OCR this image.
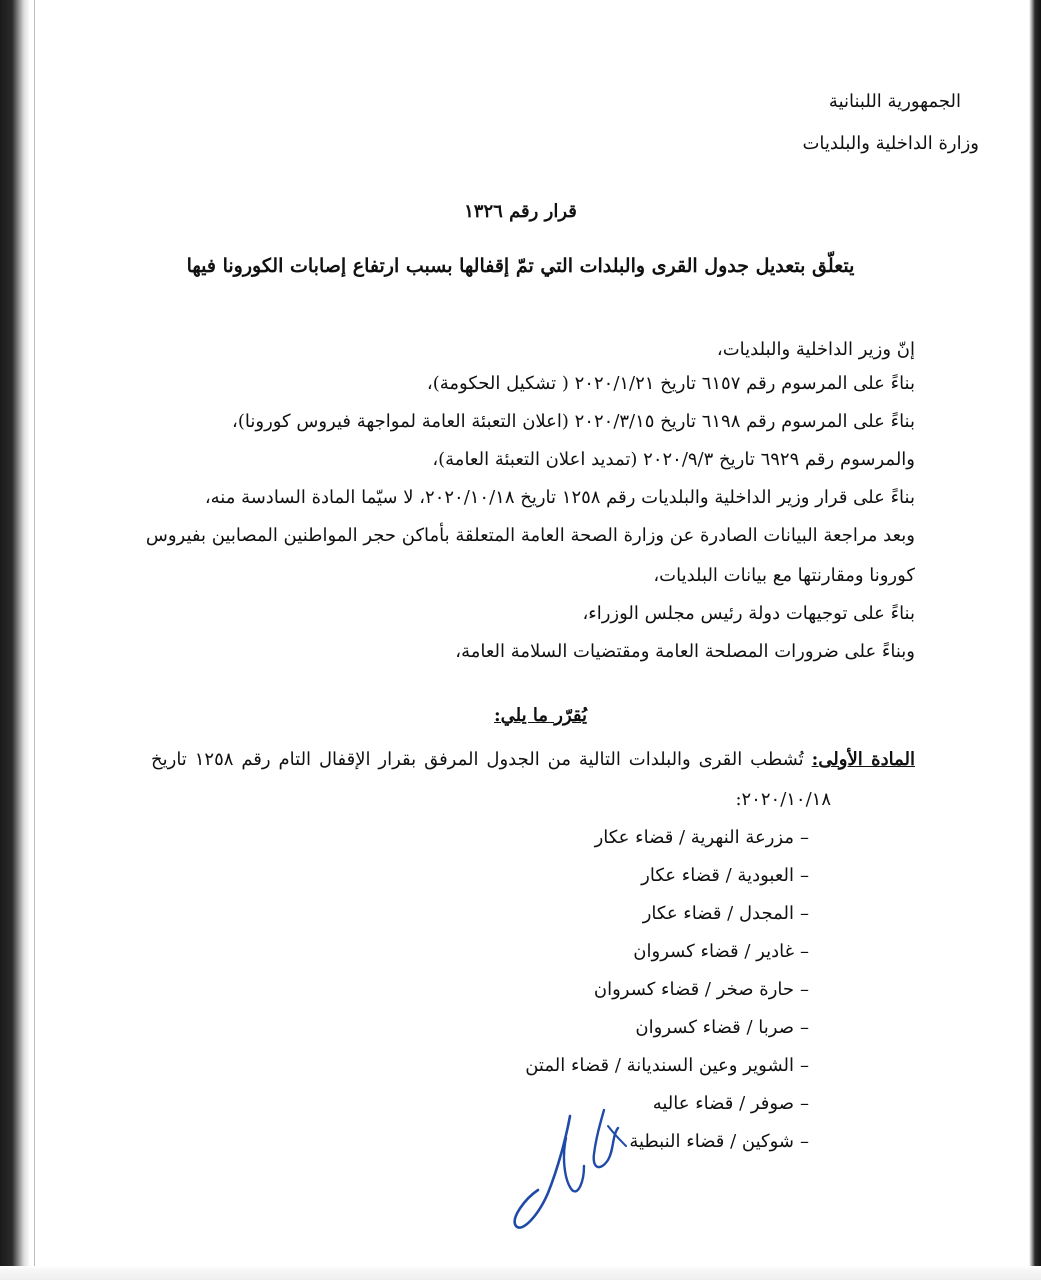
الجمهورية اللبنانية
وزارة الداخلية والبلديات
قرار رقم ١٣٢٦
يتعلّق بتعديل جدول القرى والبلدات التي تمّ إقفالها بسبب ارتفاع إصابات الكورونا فيها
إنّ وزير الداخلية والبلديات،
بناءً على المرسوم رقم ٦١٥٧ تاريخ ٢٠٢٠/١/٢١ ( تشكيل الحكومة)،
بناءً على المرسوم رقم ٦١٩٨ تاريخ ٢٠٢٠/٣/١٥ (اعلان التعبئة العامة لمواجهة فيروس كورونا)،
والمرسوم رقم ٦٩٢٩ تاريخ ٢٠٢٠/٩/٣ (تمديد اعلان التعبئة العامة)،
بناءً على قرار وزير الداخلية والبلديات رقم ١٢٥٨ تاريخ ٢٠٢٠/١٠/١٨، لا سيّما المادة السادسة منه،
وبعد مراجعة البيانات الصادرة عن وزارة الصحة العامة المتعلقة بأماكن حجر المواطنين المصابين بفيروس
كورونا ومقارنتها مع بيانات البلديات،
بناءً على توجيهات دولة رئيس مجلس الوزراء،
وبناءً على ضرورات المصلحة العامة ومقتضيات السلامة العامة،
يُقرّر ما يلي:
المادة الأولى: تُشطب القرى والبلدات التالية من الجدول المرفق بقرار الإقفال التام رقم ١٢٥٨ تاريخ
٢٠٢٠/١٠/١٨:
–مزرعة النهرية / قضاء عكار
–العبودية / قضاء عكار
–المجدل / قضاء عكار
–غادير / قضاء كسروان
–حارة صخر / قضاء كسروان
–صربا / قضاء كسروان
–الشوير وعين السنديانة / قضاء المتن
–صوفر / قضاء عاليه
–شوكين / قضاء النبطية
